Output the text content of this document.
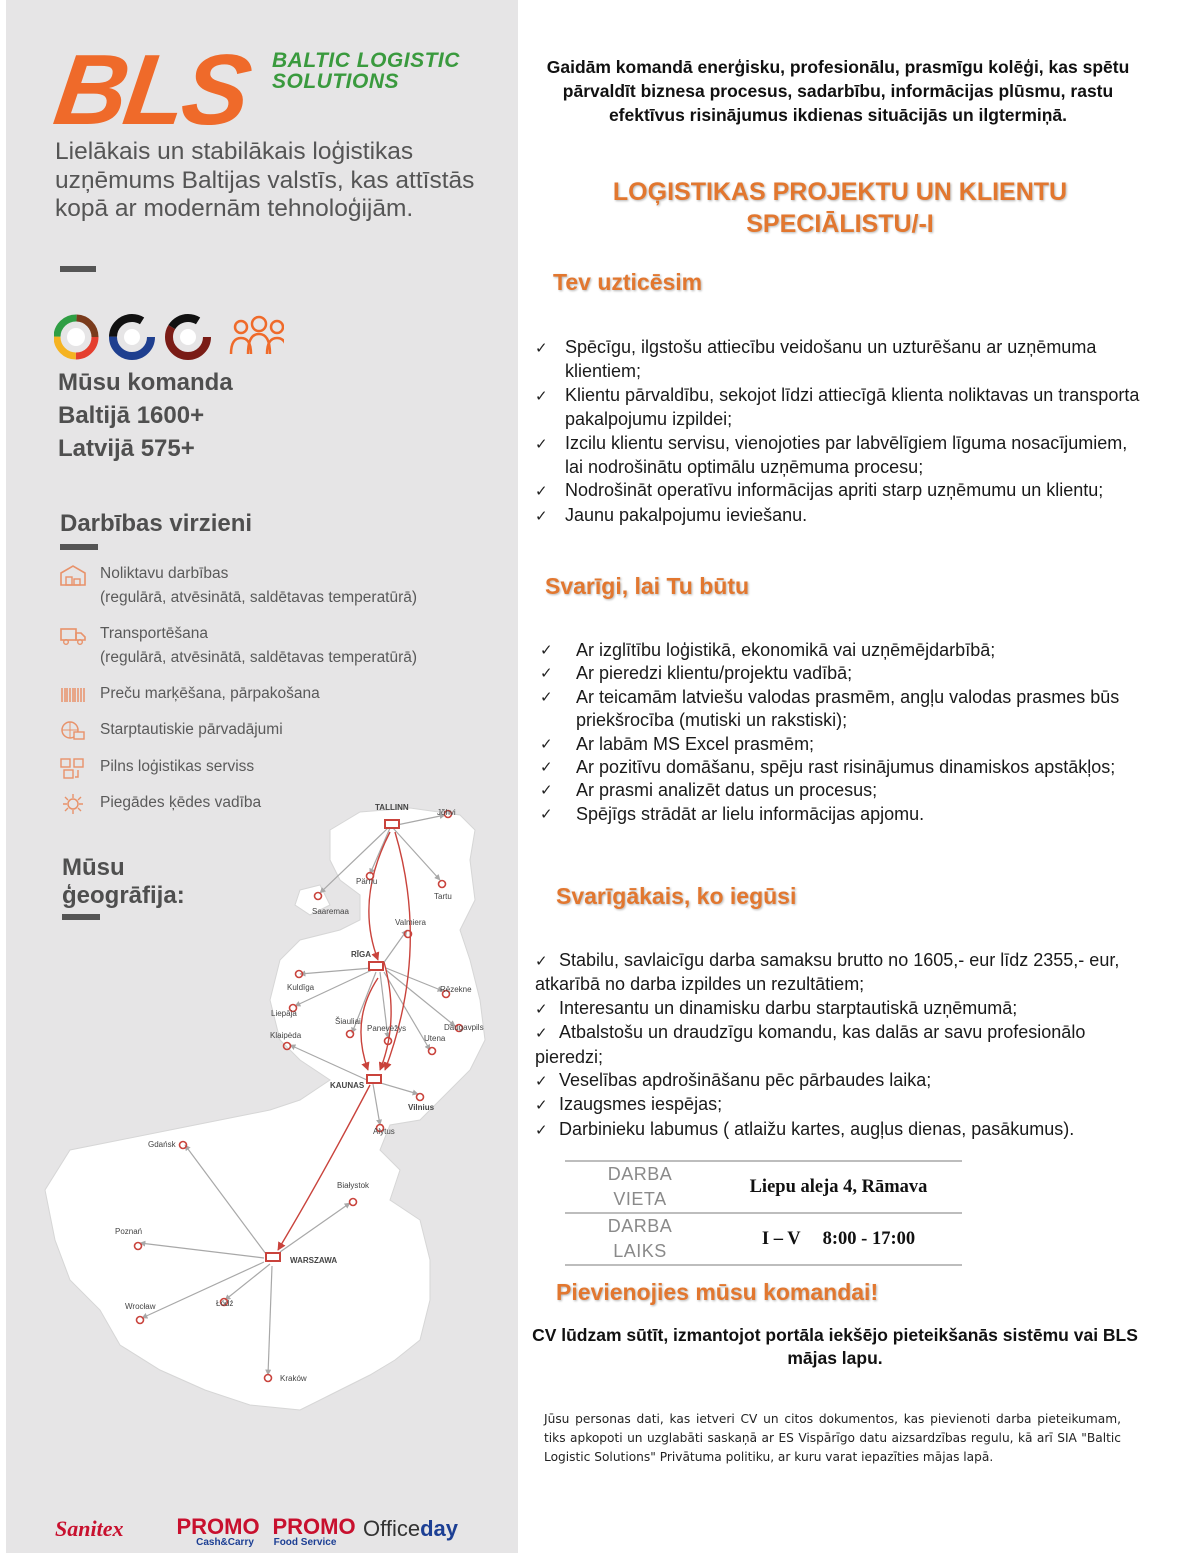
BLS BALTIC LOGISTIC
SOLUTIONS
Lielākais un stabilākais loģistikas uzņēmums Baltijas valstīs, kas attīstās kopā ar modernām tehnoloģijām.
Mūsu komanda
Baltijā 1600+
Latvijā 575+
Darbības virzieni
Noliktavu darbības
(regulārā, atvēsinātā, saldētavas temperatūrā)
Transportēšana
(regulārā, atvēsinātā, saldētavas temperatūrā)
Preču marķēšana, pārpakošana
Starptautiskie pārvadājumi
Pilns loģistikas serviss
Piegādes ķēdes vadība
Mūsu
ģeogrāfija:
TALLINN
Jõhvi
Pärnu
Tartu
Saaremaa
Valmiera
RĪGA
Kuldīga
Liepāja
Rēzekne
Šiauliai
Panevėžys	Daugavpils
Klaipėda	Utena
KAUNAS
Vilnius
Alytus
Gdańsk
Białystok
Poznań
WARSZAWA
Wrocław	Łódź
Kraków
Sanitex PROMO
Cash&Carry
PROMO
Food Service
Officeday
Gaidām komandā enerģisku, profesionālu, prasmīgu kolēģi, kas spētu pārvaldīt biznesa procesus, sadarbību, informācijas plūsmu, rastu efektīvus risinājumus ikdienas situācijās un ilgtermiņā.
LOĢISTIKAS PROJEKTU UN KLIENTU SPECIĀLISTU/-I
Tev uzticēsim
✓ Spēcīgu, ilgstošu attiecību veidošanu un uzturēšanu ar uzņēmuma klientiem;
✓ Klientu pārvaldību, sekojot līdzi attiecīgā klienta noliktavas un transporta pakalpojumu izpildei;
✓ Izcilu klientu servisu, vienojoties par labvēlīgiem līguma nosacījumiem, lai nodrošinātu optimālu uzņēmuma procesu;
✓ Nodrošināt operatīvu informācijas apriti starp uzņēmumu un klientu;
✓ Jaunu pakalpojumu ieviešanu.
Svarīgi, lai Tu būtu
✓ Ar izglītību loģistikā, ekonomikā vai uzņēmējdarbībā;
✓ Ar pieredzi klientu/projektu vadībā;
✓ Ar teicamām latviešu valodas prasmēm, angļu valodas prasmes būs priekšrocība (mutiski un rakstiski);
✓ Ar labām MS Excel prasmēm;
✓ Ar pozitīvu domāšanu, spēju rast risinājumus dinamiskos apstākļos;
✓ Ar prasmi analizēt datus un procesus;
✓ Spējīgs strādāt ar lielu informācijas apjomu.
Svarīgākais, ko iegūsi
✓ Stabilu, savlaicīgu darba samaksu brutto no 1605,- eur līdz 2355,- eur, atkarībā no darba izpildes un rezultātiem;
✓ Interesantu un dinamisku darbu starptautiskā uzņēmumā;
✓ Atbalstošu un draudzīgu komandu, kas dalās ar savu profesionālo pieredzi;
✓ Veselības apdrošināšanu pēc pārbaudes laika;
✓ Izaugsmes iespējas;
✓ Darbinieku labumus ( atlaižu kartes, augļus dienas, pasākumus).
DARBA
VIETA	Liepu aleja 4, Rāmava

DARBA
LAIKS	I – V 8:00 - 17:00
Pievienojies mūsu komandai!
CV lūdzam sūtīt, izmantojot portāla iekšējo pieteikšanās sistēmu vai BLS mājas lapu.
Jūsu personas dati, kas ietveri CV un citos dokumentos, kas pievienoti darba pieteikumam, tiks apkopoti un uzglabāti saskaņā ar ES Vispārīgo datu aizsardzības regulu, kā arī SIA "Baltic Logistic Solutions" Privātuma politiku, ar kuru varat iepazīties mājas lapā.
